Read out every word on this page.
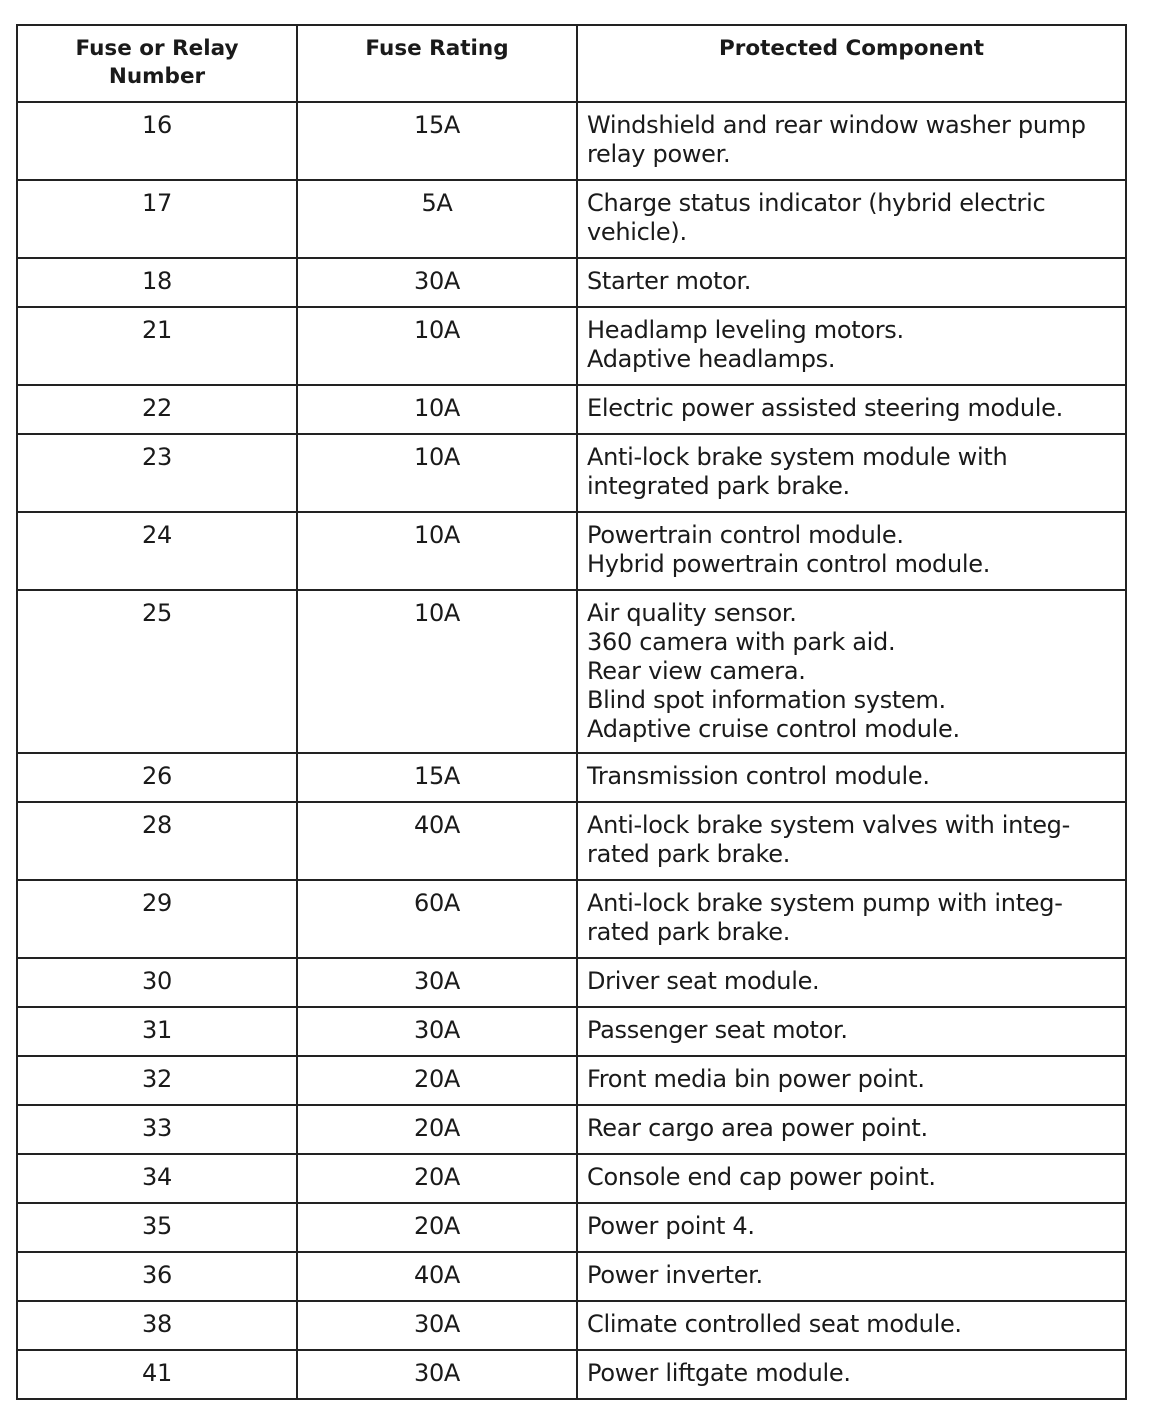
Fuse or Relay
Number	Fuse Rating	Protected Component
16	15A	Windshield and rear window washer pump
relay power.
17	5A	Charge status indicator (hybrid electric
vehicle).
18	30A	Starter motor.
21	10A	Headlamp leveling motors.
Adaptive headlamps.
22	10A	Electric power assisted steering module.
23	10A	Anti-lock brake system module with
integrated park brake.
24	10A	Powertrain control module.
Hybrid powertrain control module.
25	10A	Air quality sensor.
360 camera with park aid.
Rear view camera.
Blind spot information system.
Adaptive cruise control module.
26	15A	Transmission control module.
28	40A	Anti-lock brake system valves with integ-
rated park brake.
29	60A	Anti-lock brake system pump with integ-
rated park brake.
30	30A	Driver seat module.
31	30A	Passenger seat motor.
32	20A	Front media bin power point.
33	20A	Rear cargo area power point.
34	20A	Console end cap power point.
35	20A	Power point 4.
36	40A	Power inverter.
38	30A	Climate controlled seat module.
41	30A	Power liftgate module.
